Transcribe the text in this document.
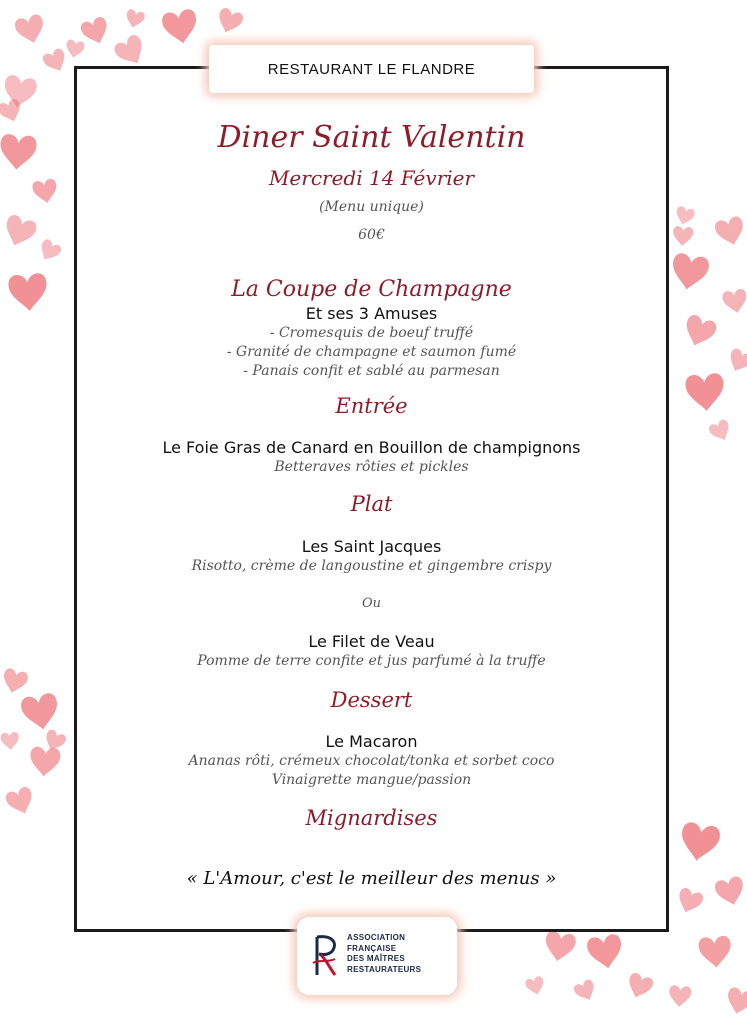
RESTAURANT LE FLANDRE
Diner Saint Valentin
Mercredi 14 Février
(Menu unique)
60€
La Coupe de Champagne
Et ses 3 Amuses
- Cromesquis de boeuf truffé
- Granité de champagne et saumon fumé
- Panais confit et sablé au parmesan
Entrée
Le Foie Gras de Canard en Bouillon de champignons
Betteraves rôties et pickles
Plat
Les Saint Jacques
Risotto, crème de langoustine et gingembre crispy
Ou
Le Filet de Veau
Pomme de terre confite et jus parfumé à la truffe
Dessert
Le Macaron
Ananas rôti, crémeux chocolat/tonka et sorbet coco
Vinaigrette mangue/passion
Mignardises
« L'Amour, c'est le meilleur des menus »
ASSOCIATION
FRANÇAISE
DES MAÎTRES
RESTAURATEURS
